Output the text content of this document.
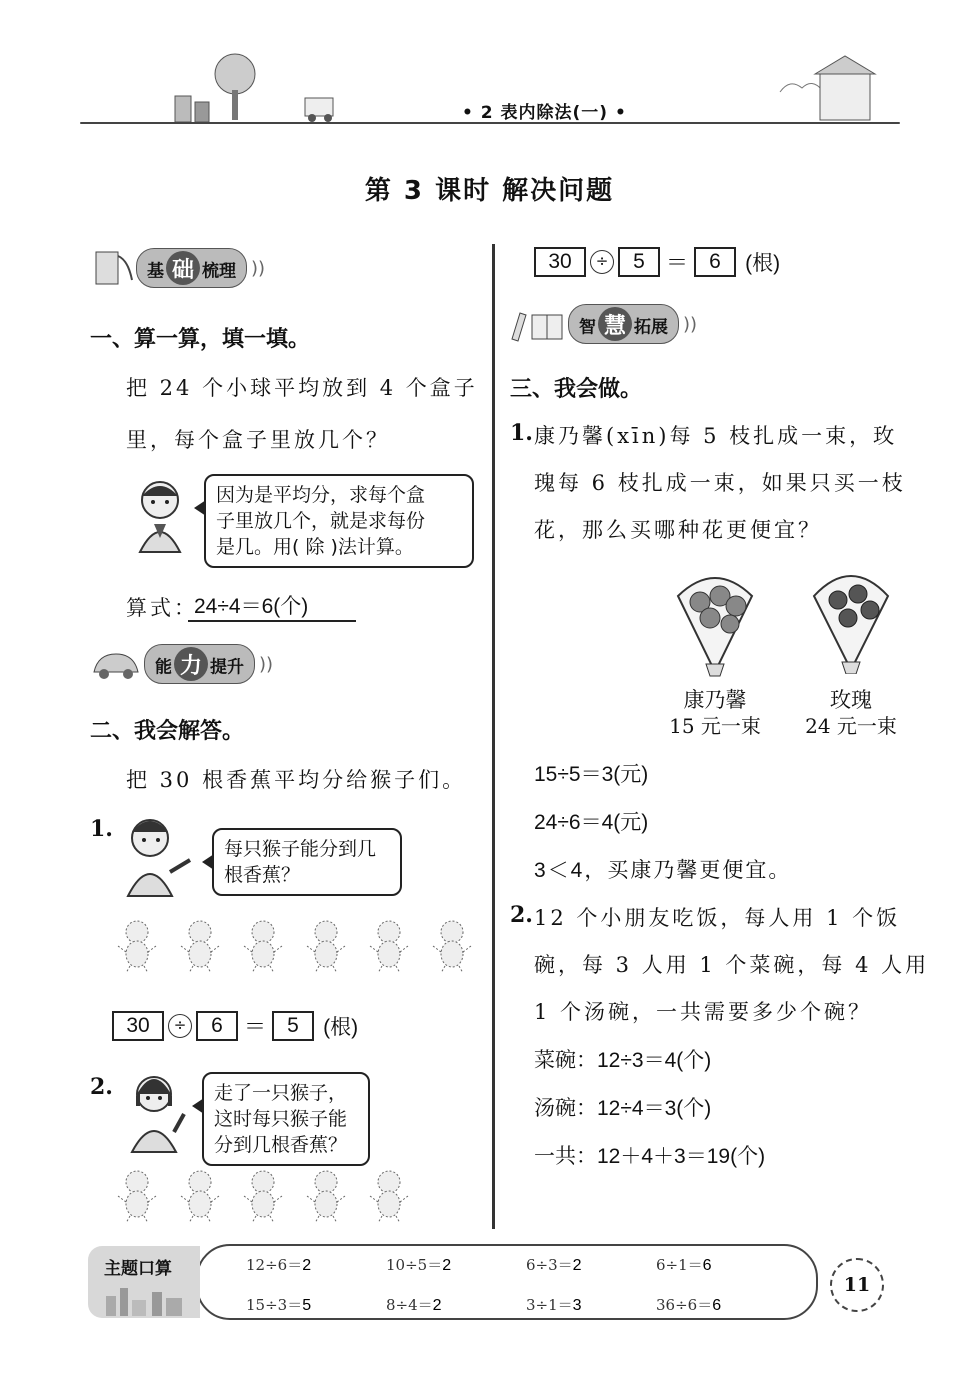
• 2 表内除法(一) •
第 3 课时 解决问题
基 础 梳理 ))
一、算一算，填一填。
把 24 个小球平均放到 4 个盒子
里，每个盒子里放几个？
因为是平均分，求每个盒
子里放几个，就是求每份
是几。用( 除 )法计算。
算式：
24÷4＝6(个)
能 力 提升 ))
二、我会解答。
把 30 根香蕉平均分给猴子们。
1.
每只猴子能分到几
根香蕉？

30 ÷ 6 ＝ 5 (根)
2.	走了一只猴子，
这时每只猴子能
分到几根香蕉？

30 ÷ 5 ＝ 6 (根)
智 慧 拓展 ))
三、我会做。
1. 康乃馨(xīn)每 5 枝扎成一束，玫
瑰每 6 枝扎成一束，如果只买一枝
花，那么买哪种花更便宜？
康乃馨
15 元一束
玫瑰
24 元一束
15÷5＝3(元)
24÷6＝4(元)
3＜4，买康乃馨更便宜。
2. 12 个小朋友吃饭，每人用 1 个饭
碗，每 3 人用 1 个菜碗，每 4 人用
1 个汤碗，一共需要多少个碗？
菜碗：12÷3＝4(个)
汤碗：12÷4＝3(个)
一共：12＋4＋3＝19(个)
主题口算	12÷6＝2	10÷5＝2	6÷3＝2	6÷1＝6
15÷3＝5	8÷4＝2	3÷1＝3	36÷6＝6
11
